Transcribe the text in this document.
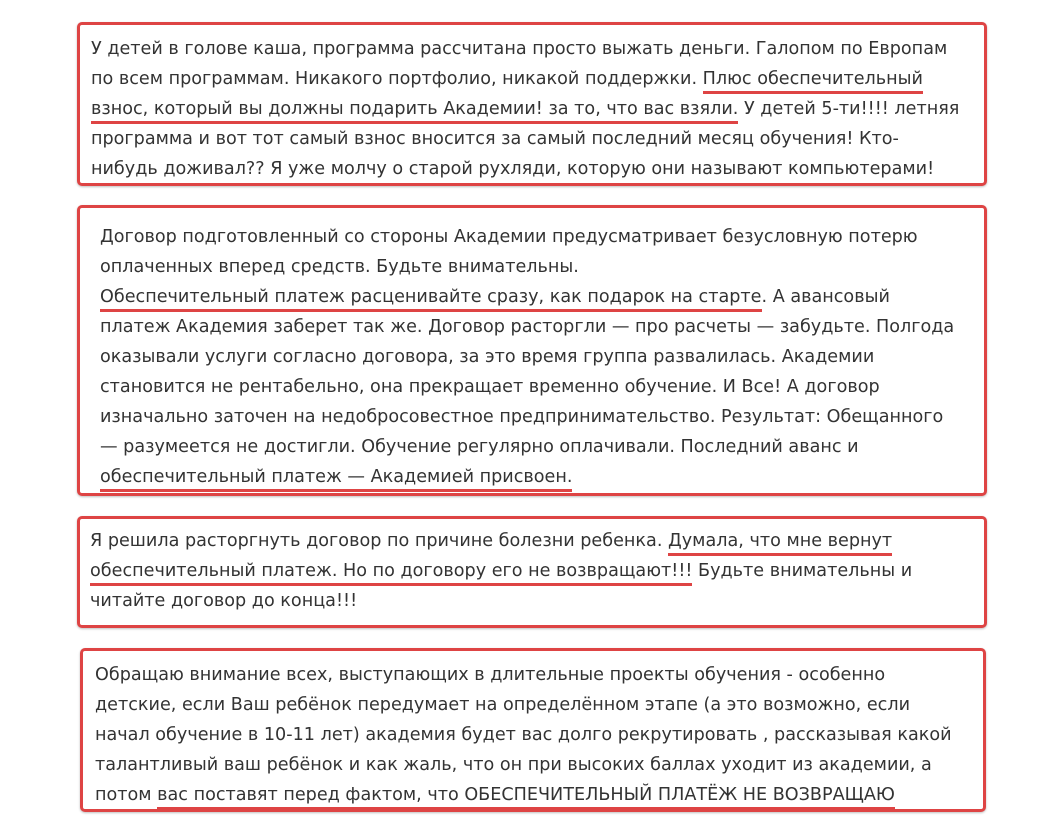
У детей в голове каша, программа рассчитана просто выжать деньги. Галопом по Европам

по всем программам. Никакого портфолио, никакой поддержки. Плюс обеспечительный

взнос, который вы должны подарить Академии! за то, что вас взяли. У детей 5-ти!!!! летняя

программа и вот тот самый взнос вносится за самый последний месяц обучения! Кто-

нибудь доживал?? Я уже молчу о старой рухляди, которую они называют компьютерами!

Договор подготовленный со стороны Академии предусматривает безусловную потерю

оплаченных вперед средств. Будьте внимательны.

Обеспечительный платеж расценивайте сразу, как подарок на старте. А авансовый

платеж Академия заберет так же. Договор расторгли — про расчеты — забудьте. Полгода

оказывали услуги согласно договора, за это время группа развалилась. Академии

становится не рентабельно, она прекращает временно обучение. И Все! А договор

изначально заточен на недобросовестное предпринимательство. Результат: Обещанного

— разумеется не достигли. Обучение регулярно оплачивали. Последний аванс и

обеспечительный платеж — Академией присвоен.

Я решила расторгнуть договор по причине болезни ребенка. Думала, что мне вернут

обеспечительный платеж. Но по договору его не возвращают!!! Будьте внимательны и

читайте договор до конца!!!

Обращаю внимание всех, выступающих в длительные проекты обучения - особенно

детские, если Ваш ребёнок передумает на определённом этапе (а это возможно, если

начал обучение в 10-11 лет) академия будет вас долго рекрутировать , рассказывая какой

талантливый ваш ребёнок и как жаль, что он при высоких баллах уходит из академии, а

потом вас поставят перед фактом, что ОБЕСПЕЧИТЕЛЬНЫЙ ПЛАТЁЖ НЕ ВОЗВРАЩАЮ
